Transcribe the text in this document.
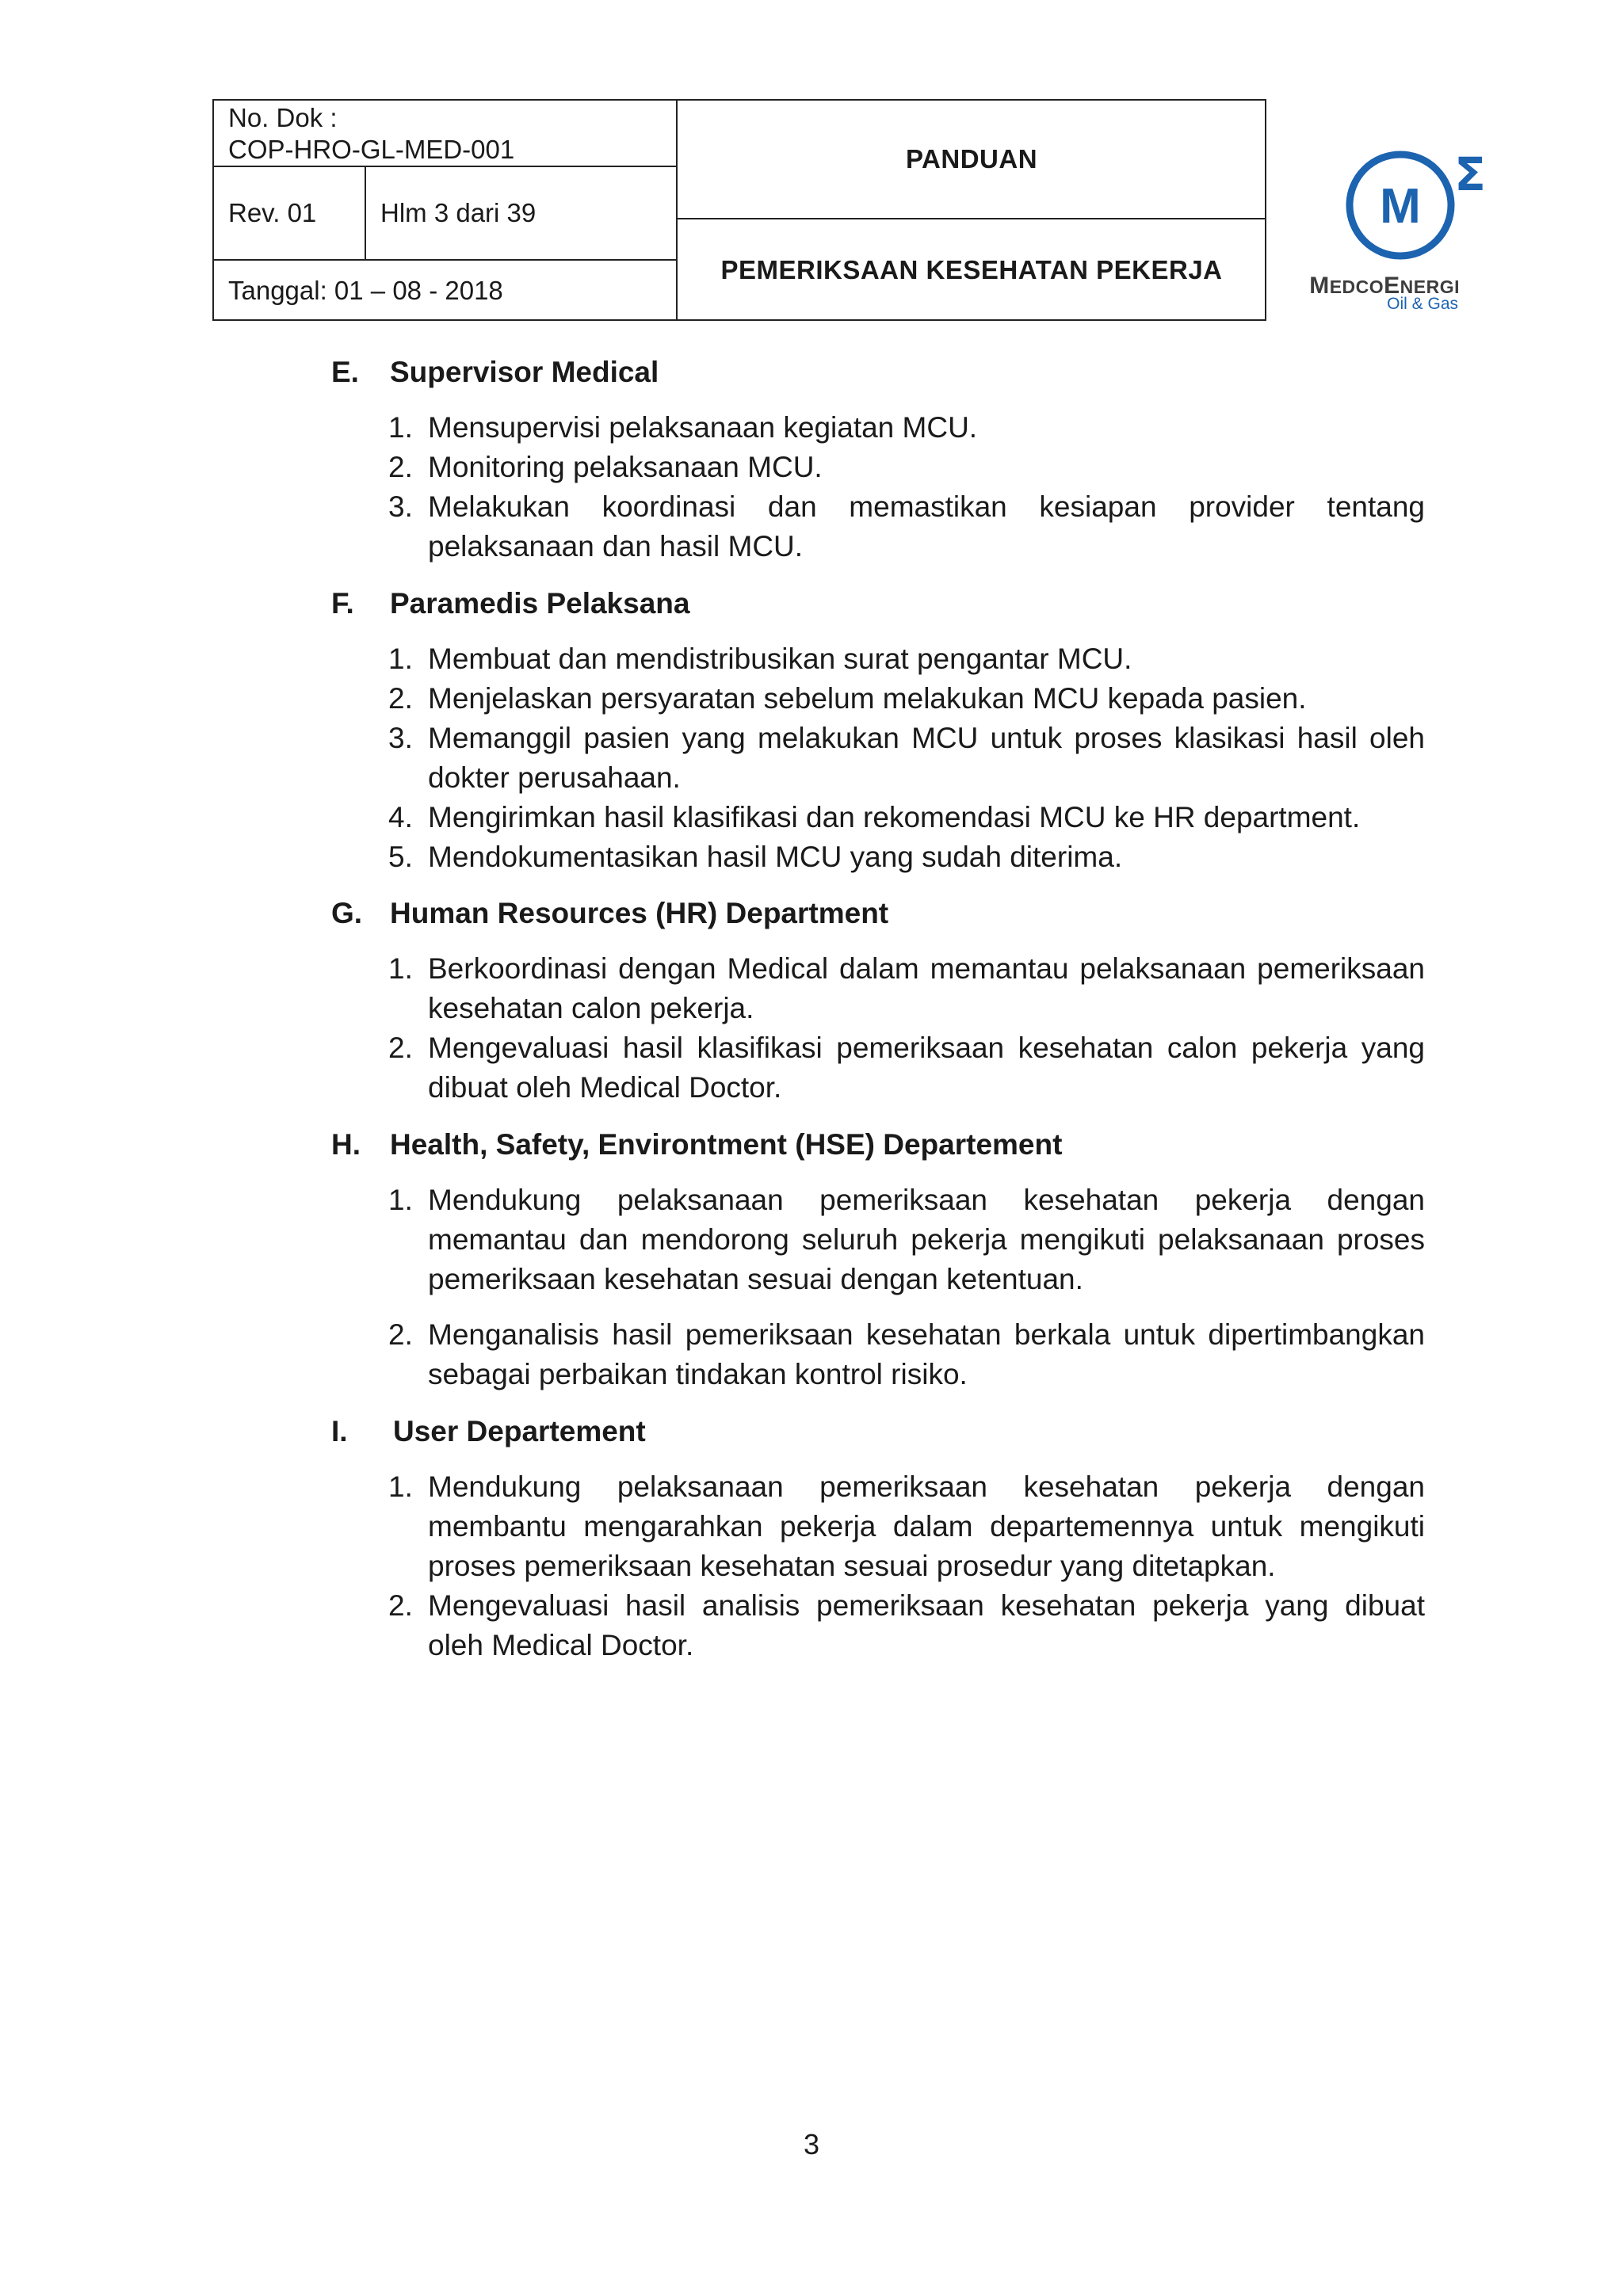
No. Dok :
COP-HRO-GL-MED-001
Rev. 01	Hlm 3 dari 39
Tanggal: 01 – 08 - 2018
PANDUAN
PEMERIKSAAN KESEHATAN PEKERJA
M
Σ
MEDCOENERGI
Oil & Gas
E. Supervisor Medical
1. Mensupervisi pelaksanaan kegiatan MCU.
2. Monitoring pelaksanaan MCU.
3. Melakukan koordinasi dan memastikan kesiapan provider tentang pelaksanaan dan hasil MCU.
F. Paramedis Pelaksana
1. Membuat dan mendistribusikan surat pengantar MCU.
2. Menjelaskan persyaratan sebelum melakukan MCU kepada pasien.
3. Memanggil pasien yang melakukan MCU untuk proses klasikasi hasil oleh dokter perusahaan.
4. Mengirimkan hasil klasifikasi dan rekomendasi MCU ke HR department.
5. Mendokumentasikan hasil MCU yang sudah diterima.
G. Human Resources (HR) Department
1. Berkoordinasi dengan Medical dalam memantau pelaksanaan pemeriksaan kesehatan calon pekerja.
2. Mengevaluasi hasil klasifikasi pemeriksaan kesehatan calon pekerja yang dibuat oleh Medical Doctor.
H. Health, Safety, Environtment (HSE) Departement
1. Mendukung pelaksanaan pemeriksaan kesehatan pekerja dengan memantau dan mendorong seluruh pekerja mengikuti pelaksanaan proses pemeriksaan kesehatan sesuai dengan ketentuan.
2. Menganalisis hasil pemeriksaan kesehatan berkala untuk dipertimbangkan sebagai perbaikan tindakan kontrol risiko.
I. User Departement
1. Mendukung pelaksanaan pemeriksaan kesehatan pekerja dengan membantu mengarahkan pekerja dalam departemennya untuk mengikuti proses pemeriksaan kesehatan sesuai prosedur yang ditetapkan.
2. Mengevaluasi hasil analisis pemeriksaan kesehatan pekerja yang dibuat oleh Medical Doctor.
3
